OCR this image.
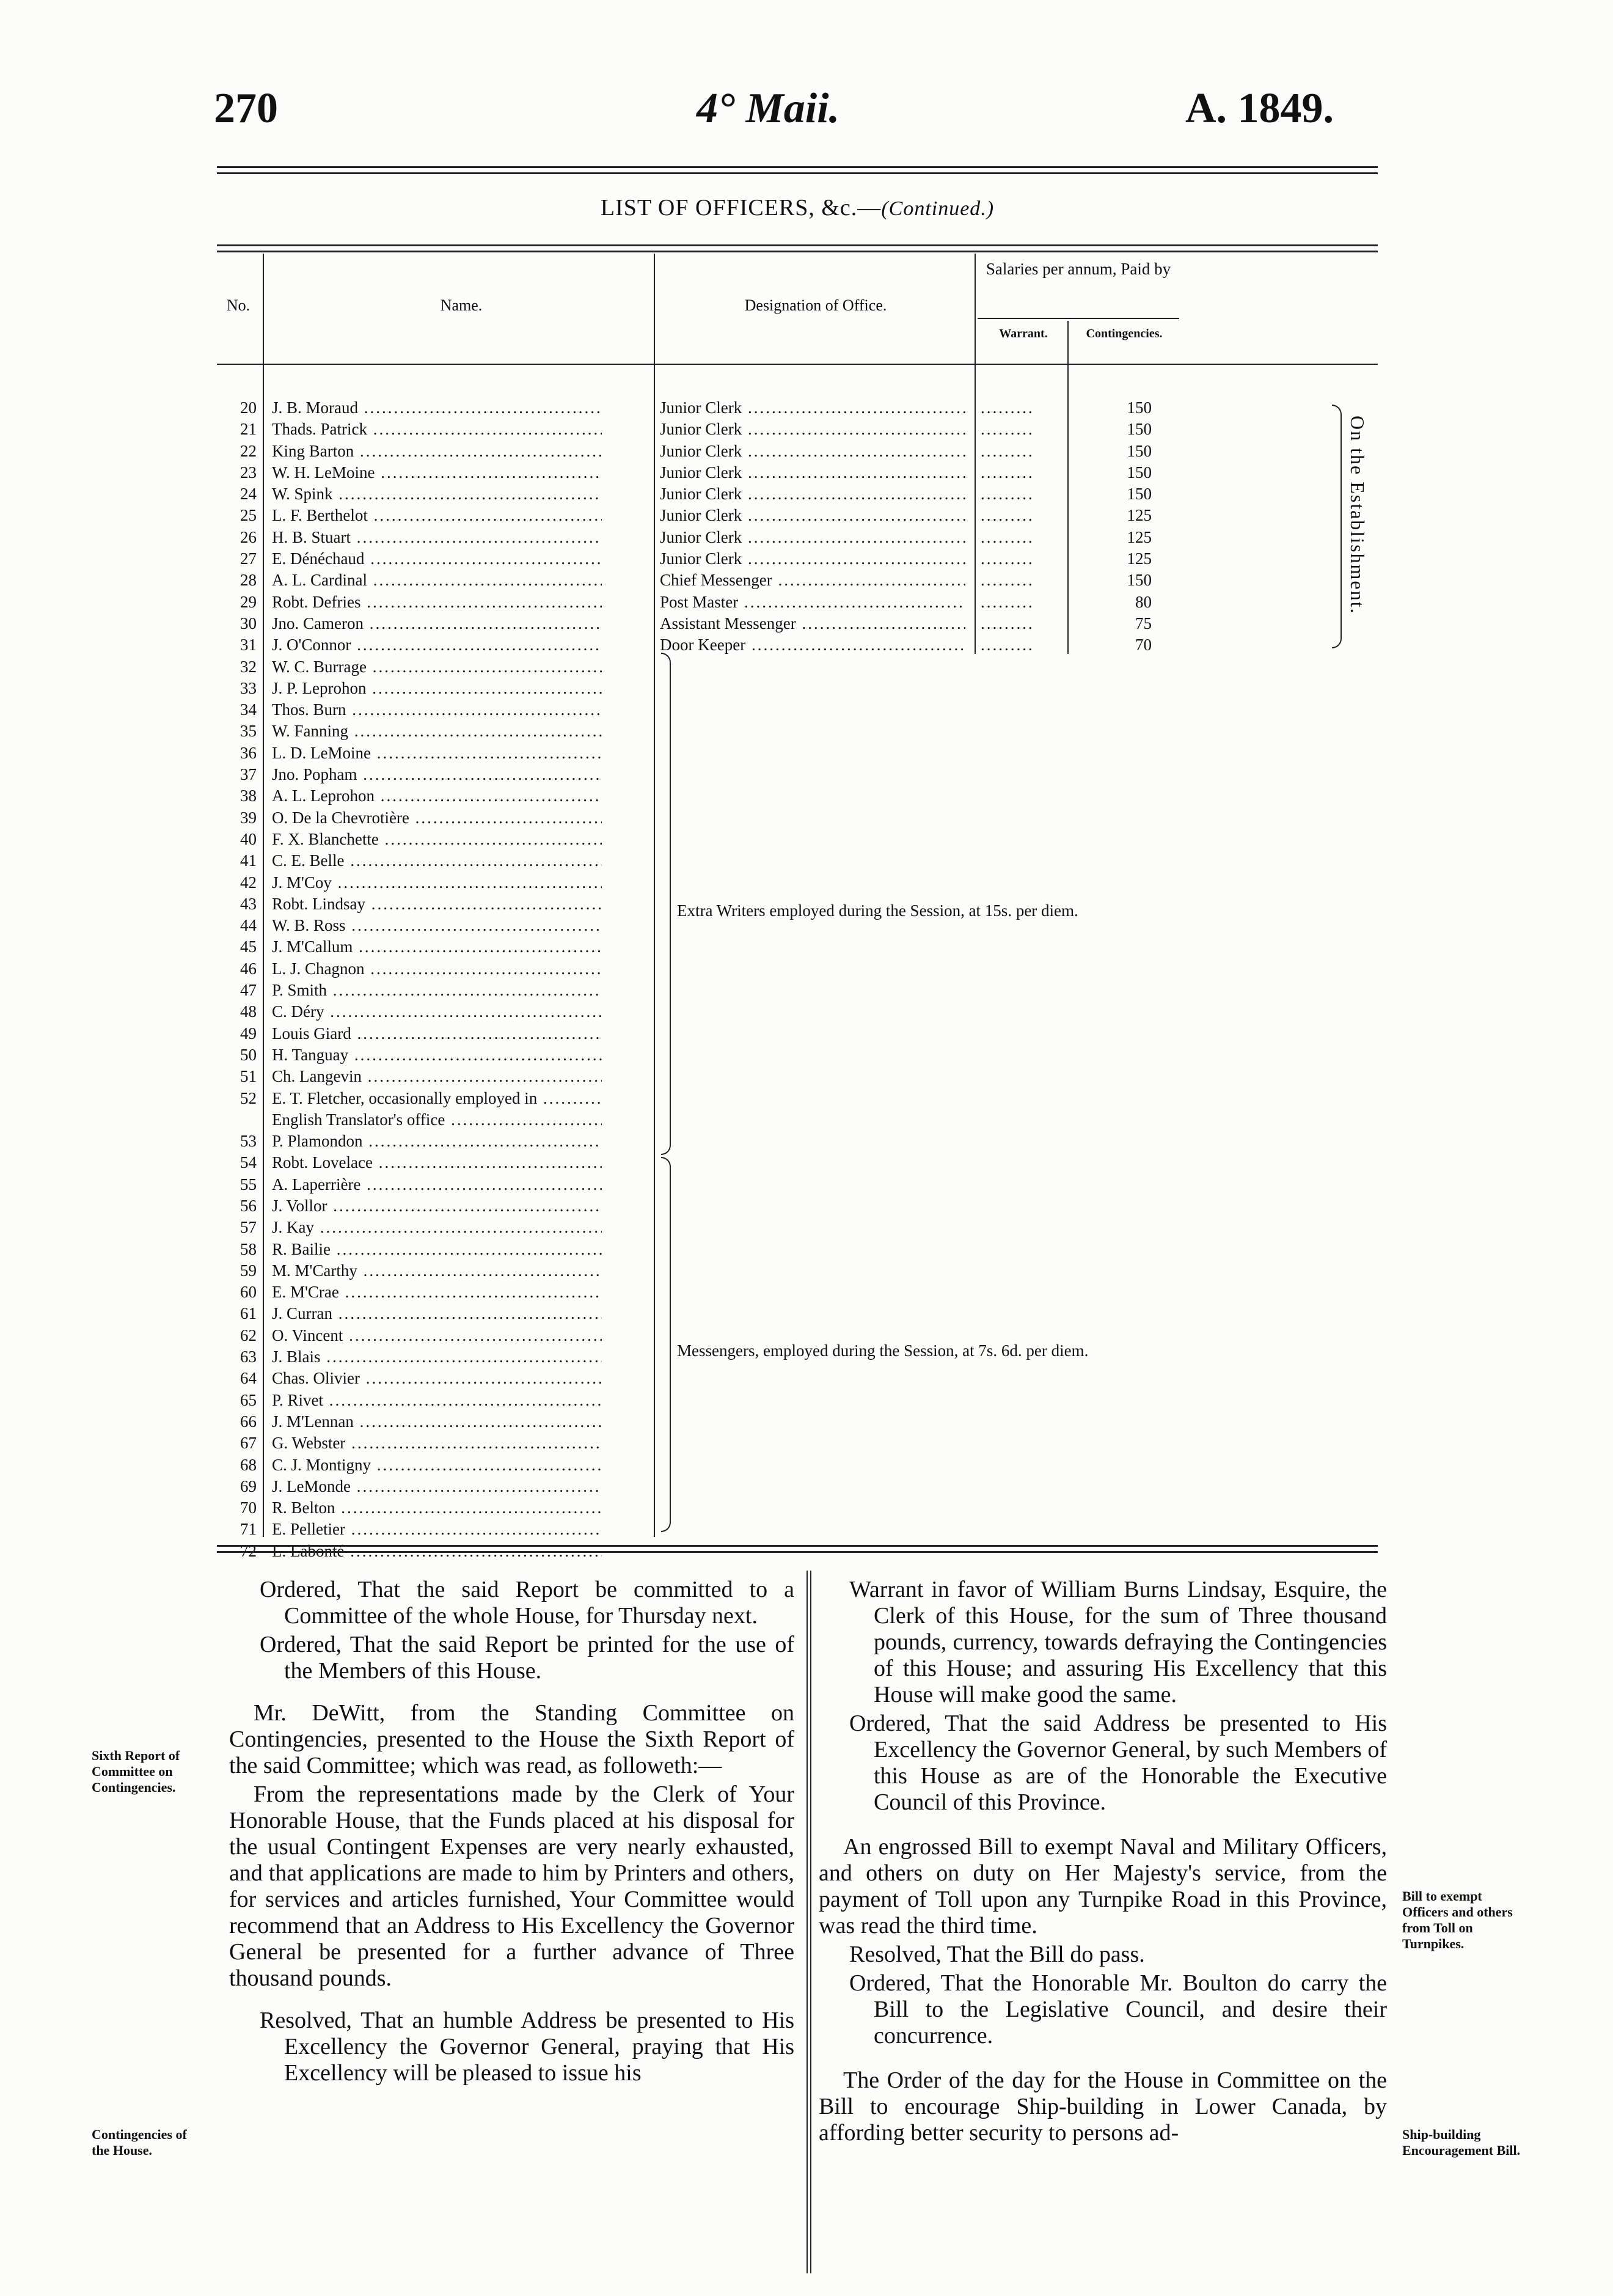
270	4° Maii.	A. 1849.
LIST OF OFFICERS, &c.—(Continued.)
No.	Name.	Designation of Office.
Salaries per annum, Paid by
Warrant.	Contingencies.
20 J. B. Moraud .....	Junior Clerk .....	.........	150
21 Thads. Patrick .....	Junior Clerk .....	.........	150
22 King Barton .....	Junior Clerk .....	.........	150
23 W. H. LeMoine .....	Junior Clerk .....	.........	150
24 W. Spink .....	Junior Clerk .....	.........	150
25 L. F. Berthelot .....	Junior Clerk .....	.........	125
26 H. B. Stuart .....	Junior Clerk .....	.........	125
27 E. Dénéchaud .....	Junior Clerk .....	.........	125
28 A. L. Cardinal .....	Chief Messenger .....	.........	150
29 Robt. Defries .....	Post Master .....	.........	80
30 Jno. Cameron .....	Assistant Messenger .....	.........	75
31 J. O'Connor .....	Door Keeper .....	.........	70
32 W. C. Burrage .....
33 J. P. Leprohon .....
34 Thos. Burn .....
35 W. Fanning .....
36 L. D. LeMoine .....
37 Jno. Popham .....
38 A. L. Leprohon .....
39 O. De la Chevrotière .....
40 F. X. Blanchette .....
41 C. E. Belle .....
42 J. M'Coy .....
43 Robt. Lindsay .....
44 W. B. Ross .....
45 J. M'Callum .....
46 L. J. Chagnon .....
47 P. Smith .....
48 C. Déry .....
49 Louis Giard .....
50 H. Tanguay .....
51 Ch. Langevin .....
52 E. T. Fletcher, occasionally employed in .....
English Translator's office .....
53 P. Plamondon .....
54 Robt. Lovelace .....
55 A. Laperrière .....
56 J. Vollor .....
57 J. Kay .....
58 R. Bailie .....
59 M. M'Carthy .....
60 E. M'Crae .....
61 J. Curran .....
62 O. Vincent .....
63 J. Blais .....
64 Chas. Olivier .....
65 P. Rivet .....
66 J. M'Lennan .....
67 G. Webster .....
68 C. J. Montigny .....
69 J. LeMonde .....
70 R. Belton .....
71 E. Pelletier .....
72 L. Labonté .....
On the Establishment.
Extra Writers employed during the Session, at 15s. per diem.
Messengers, employed during the Session, at 7s. 6d. per diem.

Ordered, That the said Report be committed to a Committee of the whole House, for Thursday next.

Ordered, That the said Report be printed for the use of the Members of this House.

Mr. DeWitt, from the Standing Committee on Contingencies, presented to the House the Sixth Report of the said Committee; which was read, as followeth:—

From the representations made by the Clerk of Your Honorable House, that the Funds placed at his disposal for the usual Contingent Expenses are very nearly exhausted, and that applications are made to him by Printers and others, for services and articles furnished, Your Committee would recommend that an Address to His Excellency the Governor General be presented for a further advance of Three thousand pounds.

Resolved, That an humble Address be presented to His Excellency the Governor General, praying that His Excellency will be pleased to issue his

Warrant in favor of William Burns Lindsay, Esquire, the Clerk of this House, for the sum of Three thousand pounds, currency, towards defraying the Contingencies of this House; and assuring His Excellency that this House will make good the same.

Ordered, That the said Address be presented to His Excellency the Governor General, by such Members of this House as are of the Honorable the Executive Council of this Province.

An engrossed Bill to exempt Naval and Military Officers, and others on duty on Her Majesty's service, from the payment of Toll upon any Turnpike Road in this Province, was read the third time.

Resolved, That the Bill do pass.

Ordered, That the Honorable Mr. Boulton do carry the Bill to the Legislative Council, and desire their concurrence.

The Order of the day for the House in Committee on the Bill to encourage Ship-building in Lower Canada, by affording better security to persons ad-

Sixth Report of Committee on Contingencies.
Contingencies of the House.
Bill to exempt Officers and others from Toll on Turnpikes.
Ship-building Encouragement Bill.
